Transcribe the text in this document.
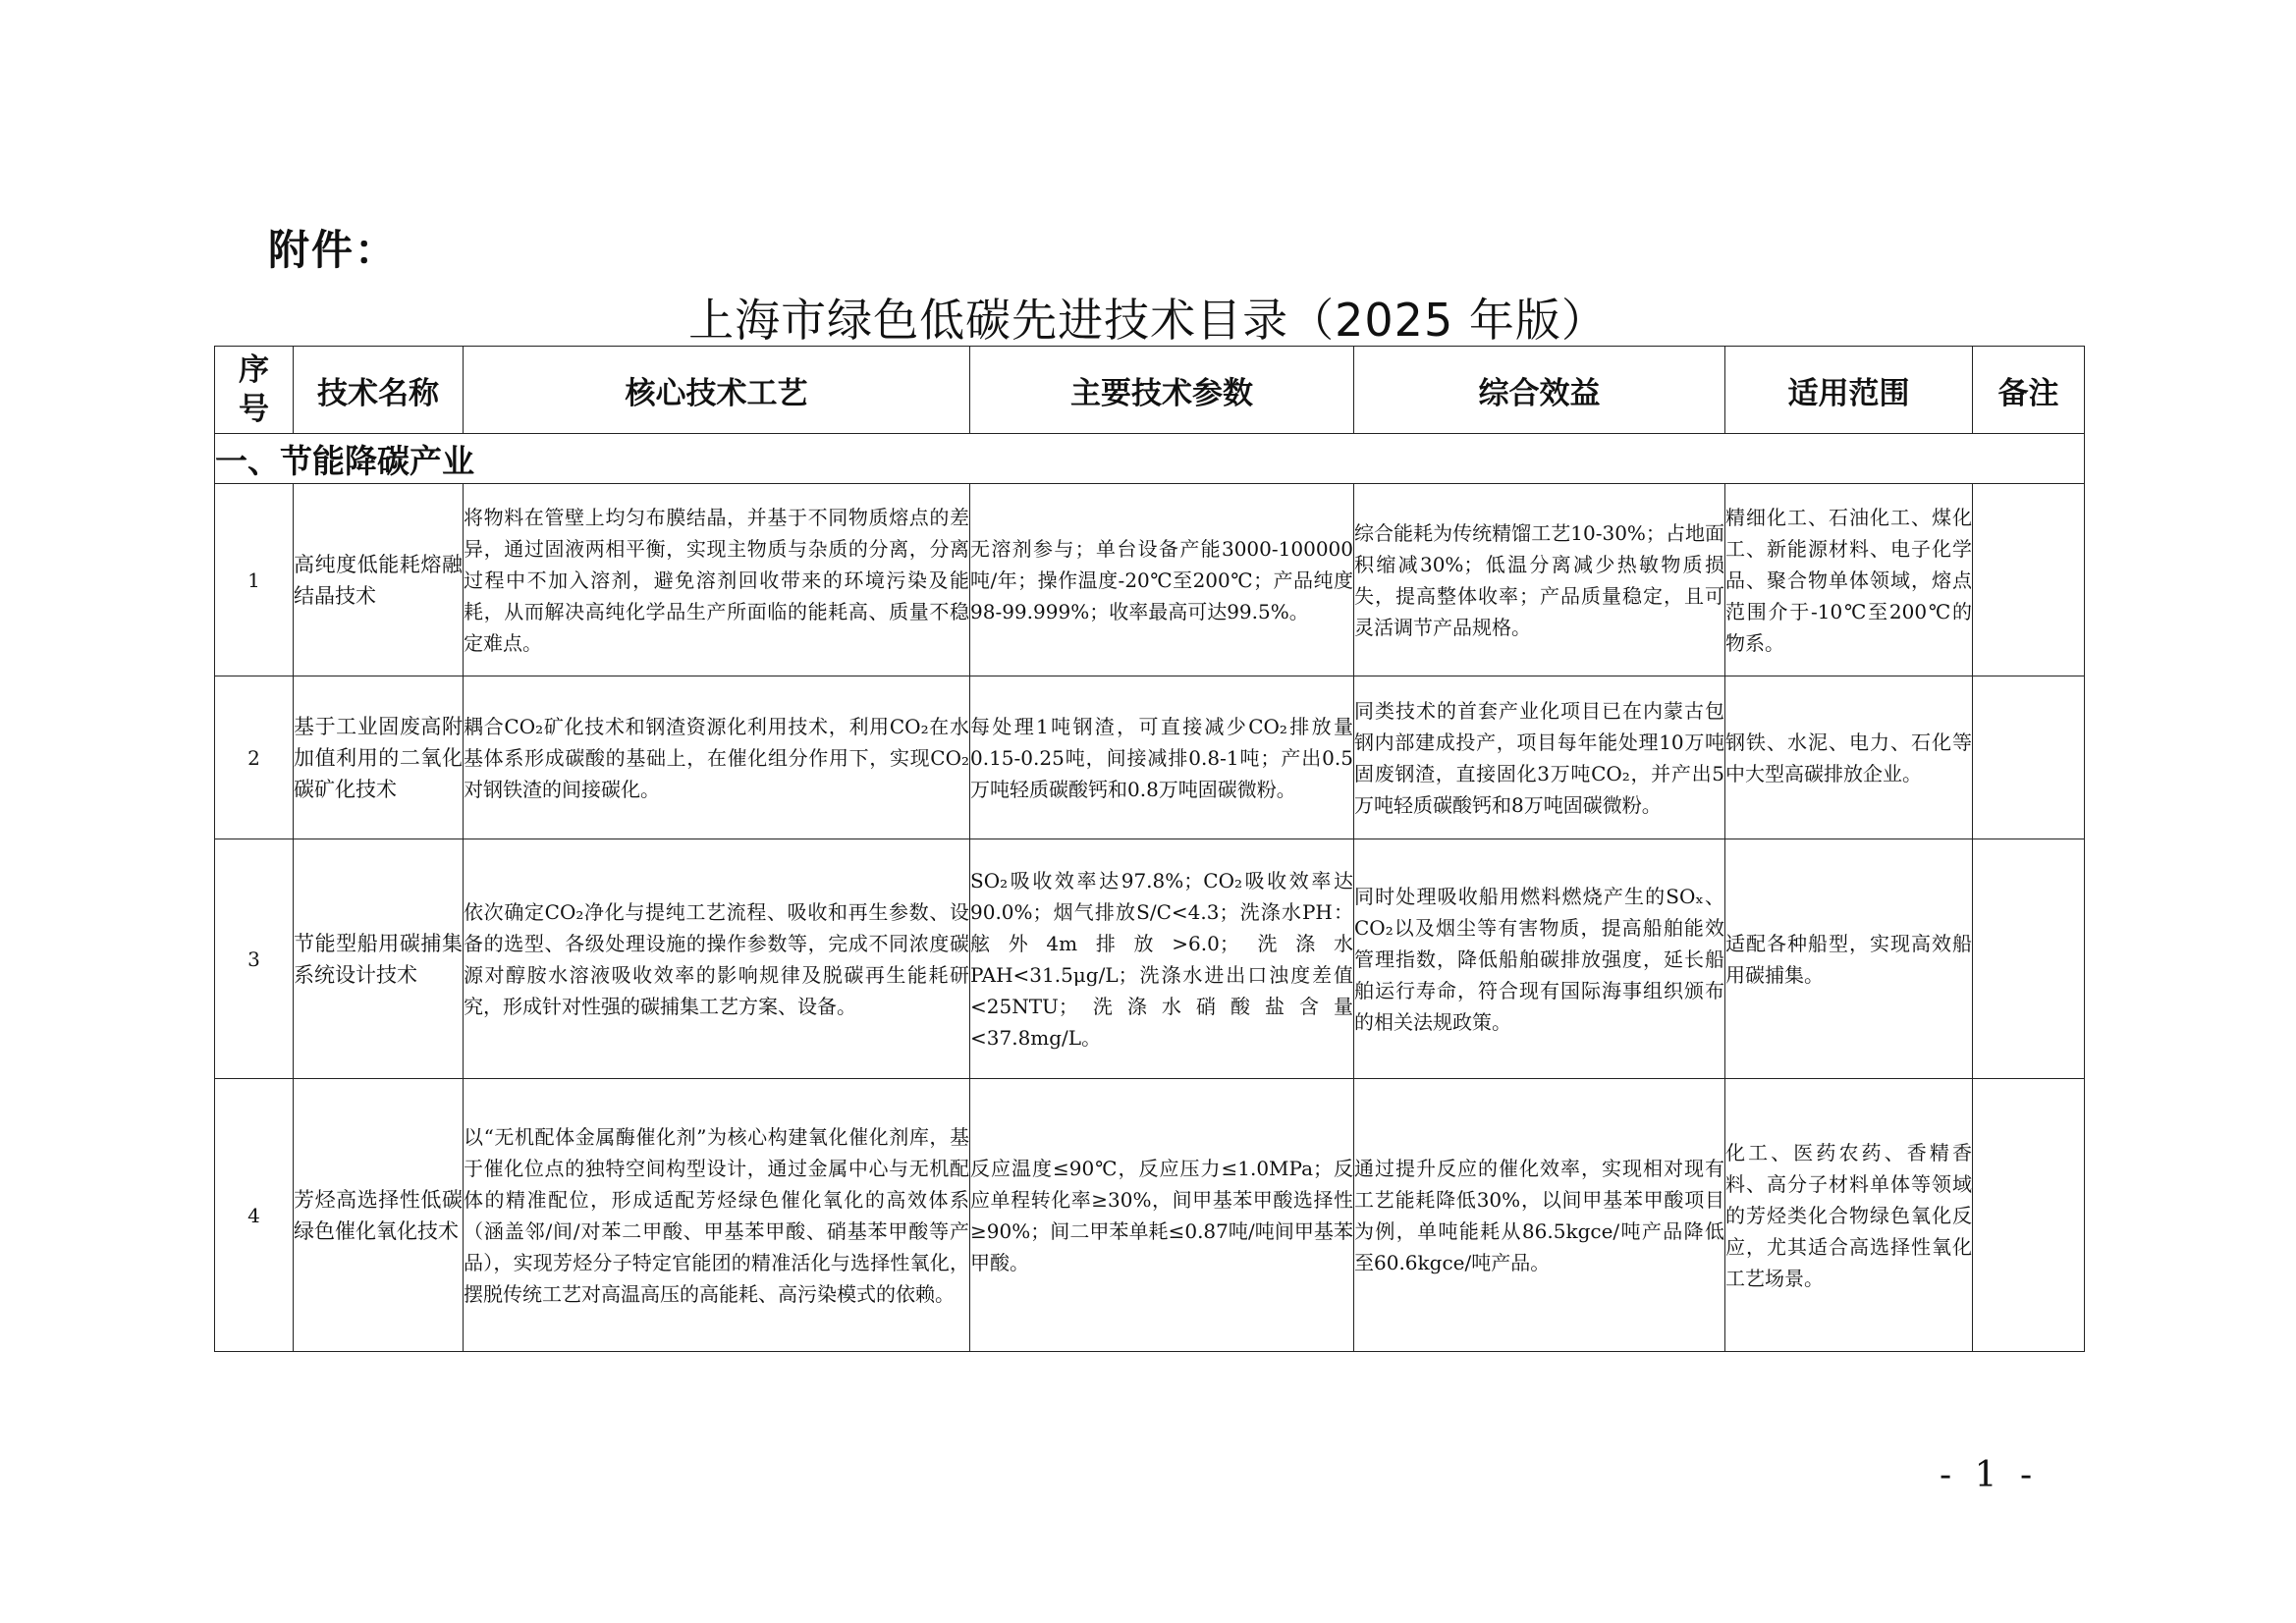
附件：
上海市绿色低碳先进技术目录（2025 年版）
序号	技术名称	核心技术工艺	主要技术参数	综合效益	适用范围	备注
一、节能降碳产业						
1	高纯度低能耗熔融结晶技术	将物料在管壁上均匀布膜结晶，并基于不同物质熔点的差异，通过固液两相平衡，实现主物质与杂质的分离，分离过程中不加入溶剂，避免溶剂回收带来的环境污染及能耗，从而解决高纯化学品生产所面临的能耗高、质量不稳定难点。	无溶剂参与；单台设备产能3000-100000吨/年；操作温度-20℃至200℃；产品纯度98-99.999%；收率最高可达99.5%。	综合能耗为传统精馏工艺10-30%；占地面积缩减30%；低温分离减少热敏物质损失，提高整体收率；产品质量稳定，且可灵活调节产品规格。	精细化工、石油化工、煤化工、新能源材料、电子化学品、聚合物单体领域，熔点范围介于-10℃至200℃的物系。	
2	基于工业固废高附加值利用的二氧化碳矿化技术	耦合CO₂矿化技术和钢渣资源化利用技术，利用CO₂在水基体系形成碳酸的基础上，在催化组分作用下，实现CO₂对钢铁渣的间接碳化。	每处理1吨钢渣，可直接减少CO₂排放量0.15-0.25吨，间接减排0.8-1吨；产出0.5万吨轻质碳酸钙和0.8万吨固碳微粉。	同类技术的首套产业化项目已在内蒙古包钢内部建成投产，项目每年能处理10万吨固废钢渣，直接固化3万吨CO₂，并产出5万吨轻质碳酸钙和8万吨固碳微粉。	钢铁、水泥、电力、石化等中大型高碳排放企业。	
3	节能型船用碳捕集系统设计技术	依次确定CO₂净化与提纯工艺流程、吸收和再生参数、设备的选型、各级处理设施的操作参数等，完成不同浓度碳源对醇胺水溶液吸收效率的影响规律及脱碳再生能耗研究，形成针对性强的碳捕集工艺方案、设备。	SO₂吸收效率达97.8%；CO₂吸收效率达90.0%；烟气排放S/C<4.3；洗涤水PH：舷外4m排放>6.0；洗涤水PAH<31.5μg/L；洗涤水进出口浊度差值<25NTU；洗涤水硝酸盐含量<37.8mg/L。	同时处理吸收船用燃料燃烧产生的SOₓ、CO₂以及烟尘等有害物质，提高船舶能效管理指数，降低船舶碳排放强度，延长船舶运行寿命，符合现有国际海事组织颁布的相关法规政策。	适配各种船型，实现高效船用碳捕集。	
4	芳烃高选择性低碳绿色催化氧化技术	以“无机配体金属酶催化剂”为核心构建氧化催化剂库，基于催化位点的独特空间构型设计，通过金属中心与无机配体的精准配位，形成适配芳烃绿色催化氧化的高效体系（涵盖邻/间/对苯二甲酸、甲基苯甲酸、硝基苯甲酸等产品），实现芳烃分子特定官能团的精准活化与选择性氧化，摆脱传统工艺对高温高压的高能耗、高污染模式的依赖。	反应温度≤90℃，反应压力≤1.0MPa；反应单程转化率≥30%，间甲基苯甲酸选择性≥90%；间二甲苯单耗≤0.87吨/吨间甲基苯甲酸。	通过提升反应的催化效率，实现相对现有工艺能耗降低30%，以间甲基苯甲酸项目为例，单吨能耗从86.5kgce/吨产品降低至60.6kgce/吨产品。	化工、医药农药、香精香料、高分子材料单体等领域的芳烃类化合物绿色氧化反应，尤其适合高选择性氧化工艺场景。	
- 1 -
